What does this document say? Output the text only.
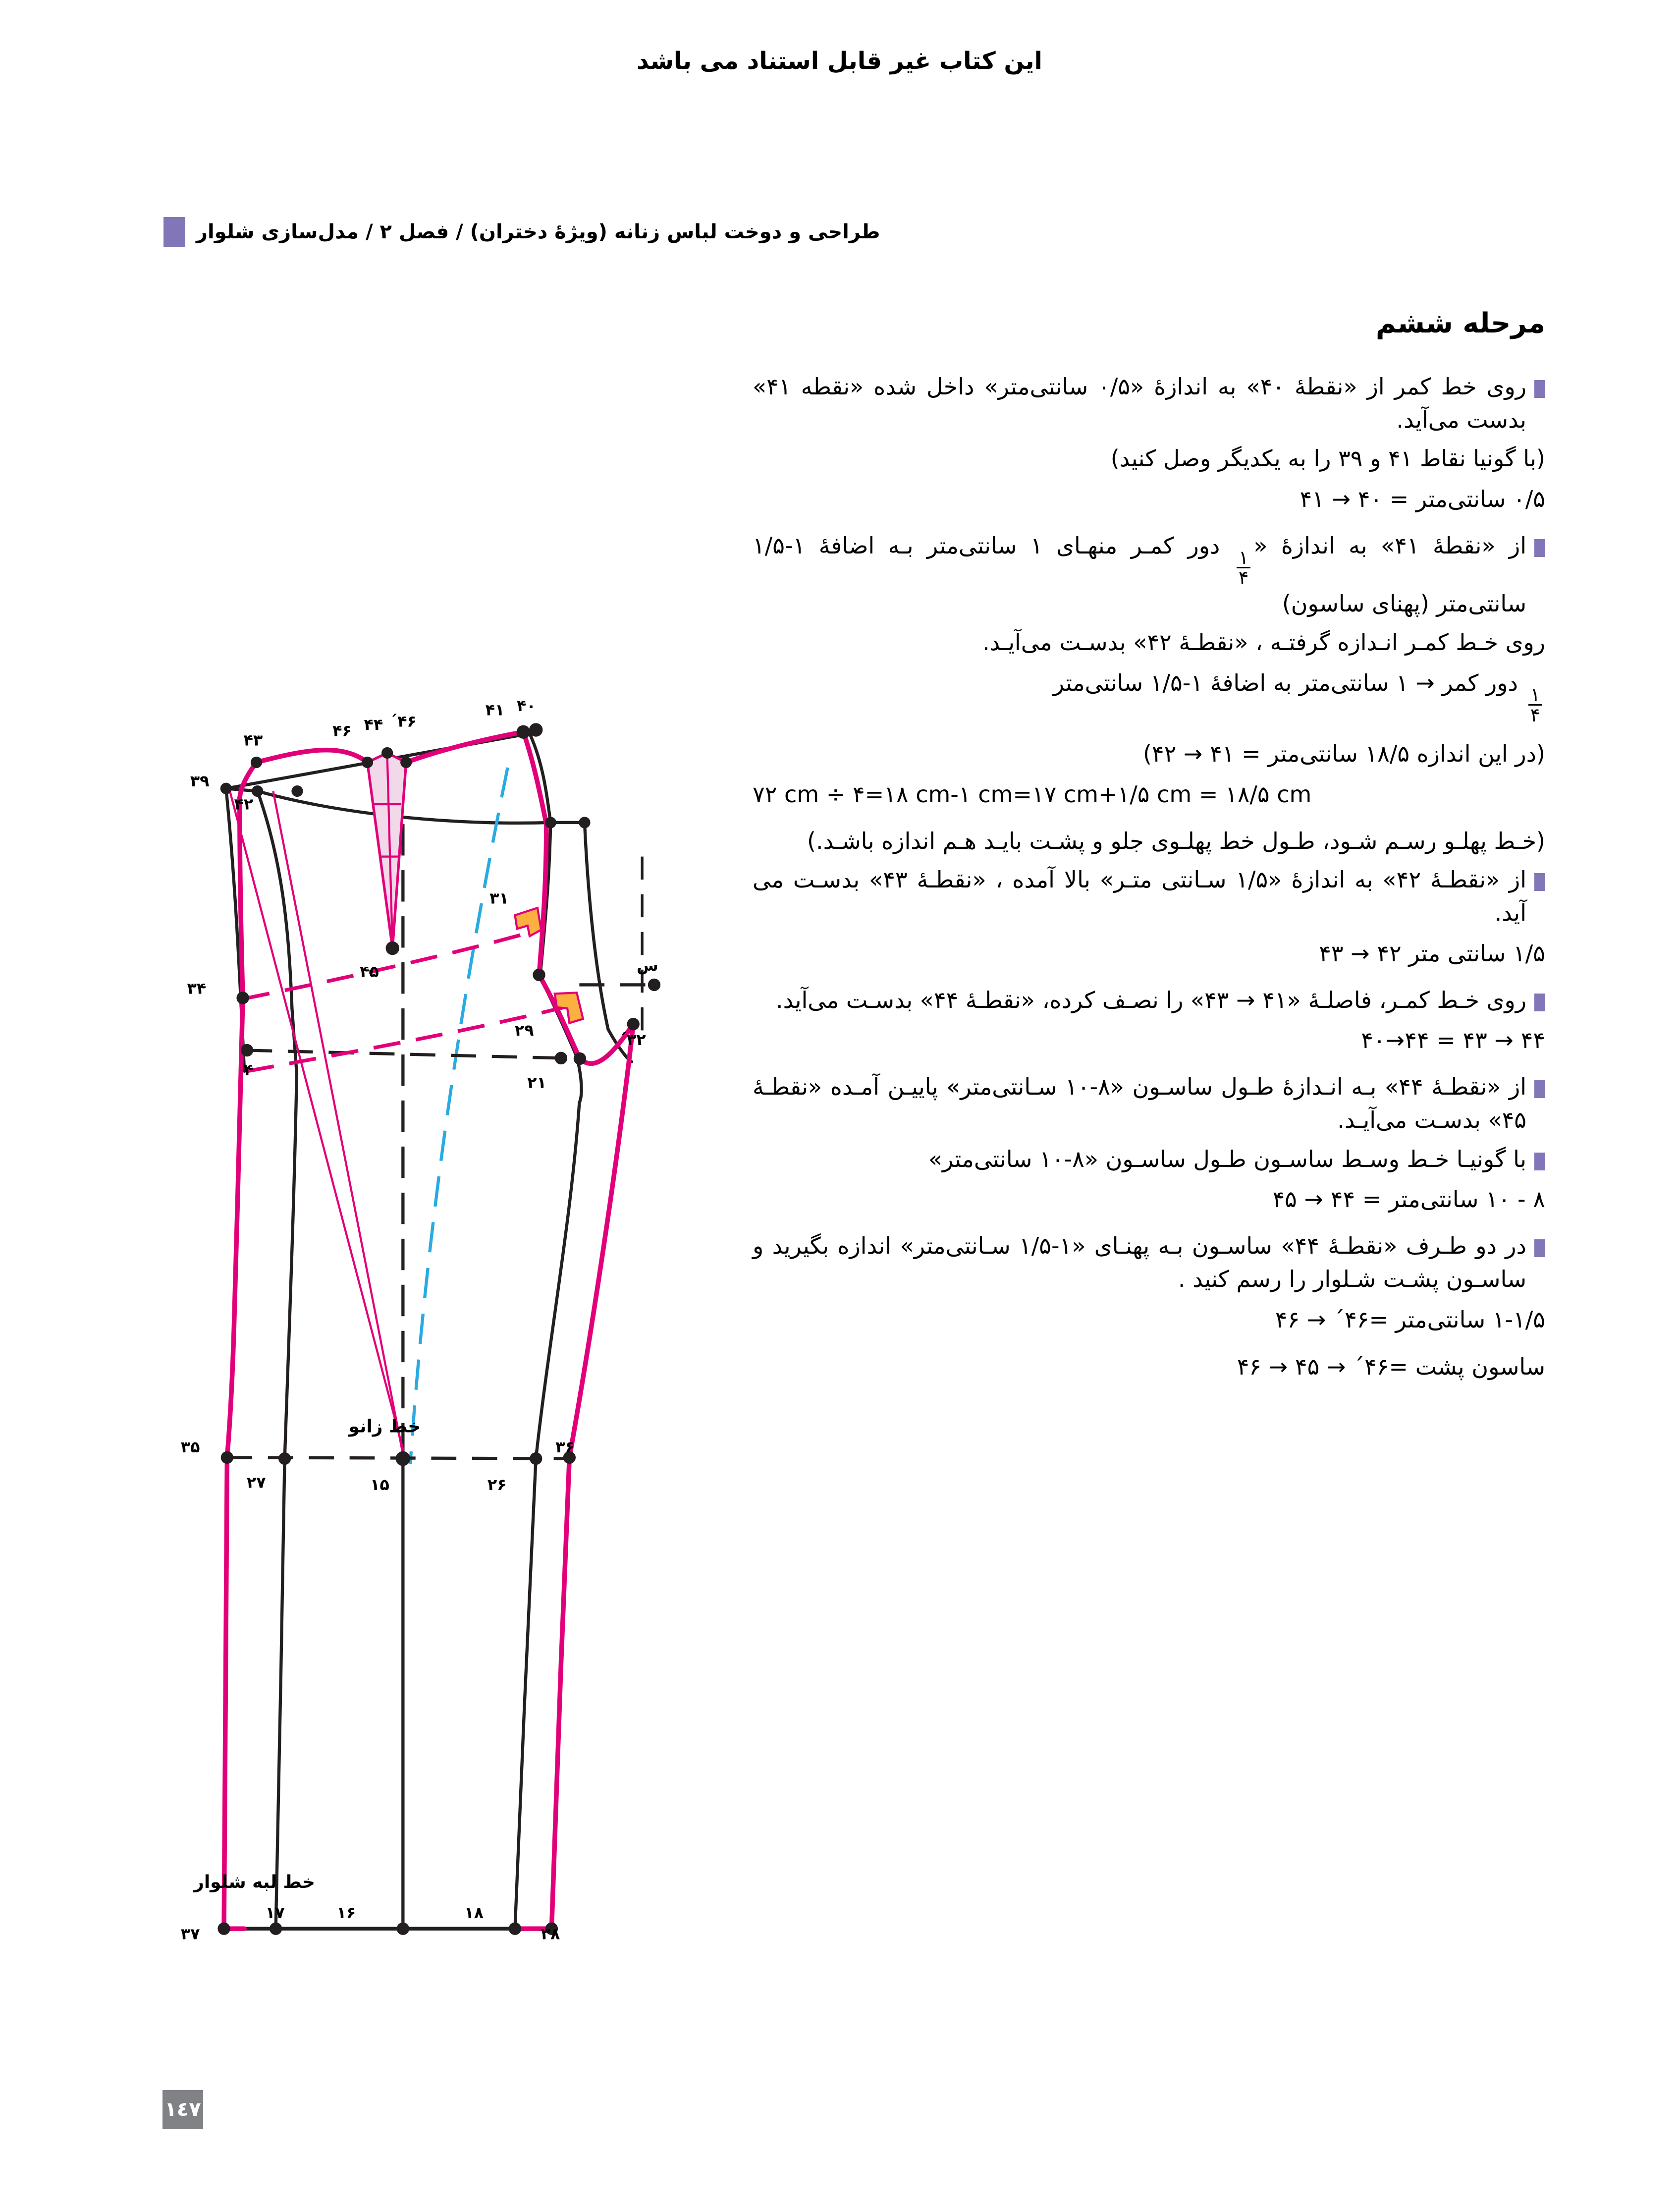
این کتاب غیر قابل استناد می باشد
طراحی و دوخت لباس زنانه (ویژۀ دختران) / فصل ۲ / مدل‌سازی شلوار
مرحله ششم
روی خط کمر از «نقطهٔ ۴۰» به اندازهٔ «۰/۵ سانتی‌متر» داخل شده «نقطه ۴۱» بدست می‌آید.

(با گونیا نقاط ۴۱ و ۳۹ را به یکدیگر وصل کنید)

۰/۵ سانتی‌متر = ۴۰ → ۴۱

از «نقطهٔ ۴۱» به اندازهٔ «
$\frac{۱}{۴}$
دور کمـر منهـای ۱ سانتی‌متر بـه اضافۀ ۱-۱/۵ سانتی‌متر (پهنای ساسون)

روی خـط کمـر انـدازه گرفتـه ، «نقطـهٔ ۴۲» بدسـت می‌آیـد.

$\frac{۱}{۴}$
دور کمر → ۱ سانتی‌متر به اضافۀ ۱-۱/۵ سانتی‌متر

(در این اندازه ۱۸/۵ سانتی‌متر = ۴۱ → ۴۲)

۷۲ cm ÷ ۴=۱۸ cm-۱ cm=۱۷ cm+۱/۵ cm = ۱۸/۵ cm

(خـط پهلـو رسـم شـود، طـول خط پهلـوی جلو و پشـت بایـد هـم اندازه باشـد.)

از «نقطـهٔ ۴۲» به اندازهٔ «۱/۵ سـانتی متـر» بالا آمده ، «نقطـهٔ ۴۳» بدسـت می آید.

۱/۵ سانتی متر ۴۲ → ۴۳

روی خـط کمـر، فاصلـهٔ «۴۱ → ۴۳» را نصـف کرده، «نقطـهٔ ۴۴» بدسـت می‌آید.

۴۴ → ۴۳ = ۴۴→۴۰

از «نقطـهٔ ۴۴» بـه انـدازهٔ طـول ساسـون «۸-۱۰ سـانتی‌متر» پاییـن آمـده «نقطـهٔ ۴۵» بدسـت می‌آیـد.
با گونیـا خـط وسـط ساسـون طـول ساسـون «۸-۱۰ سانتی‌متر»

۸ - ۱۰ سانتی‌متر = ۴۴ → ۴۵

در دو طـرف «نقطـهٔ ۴۴» ساسـون بـه پهنـای «۱-۱/۵ سـانتی‌متر» اندازه بگیرید و ساسـون پشـت شـلوار را رسم کنید .

۱-۱/۵ سانتی‌متر =۴۶´ → ۴۶

ساسون پشت =۴۶´ → ۴۵ → ۴۶

۳۹
۴۲
۴۳
۴۶ ۴۴ ۴۶´
۴۱ ۴۰
۴۵
۳۴
۳۱
۲۹
س
۴
۲۱
۳۲´
۳۵
۲۷	۱۵	۲۶
۳۶
۳۷
۱۷	۱۶	۱۸
۳۸
خط زانو
خط لبه شلوار
١٤٧
